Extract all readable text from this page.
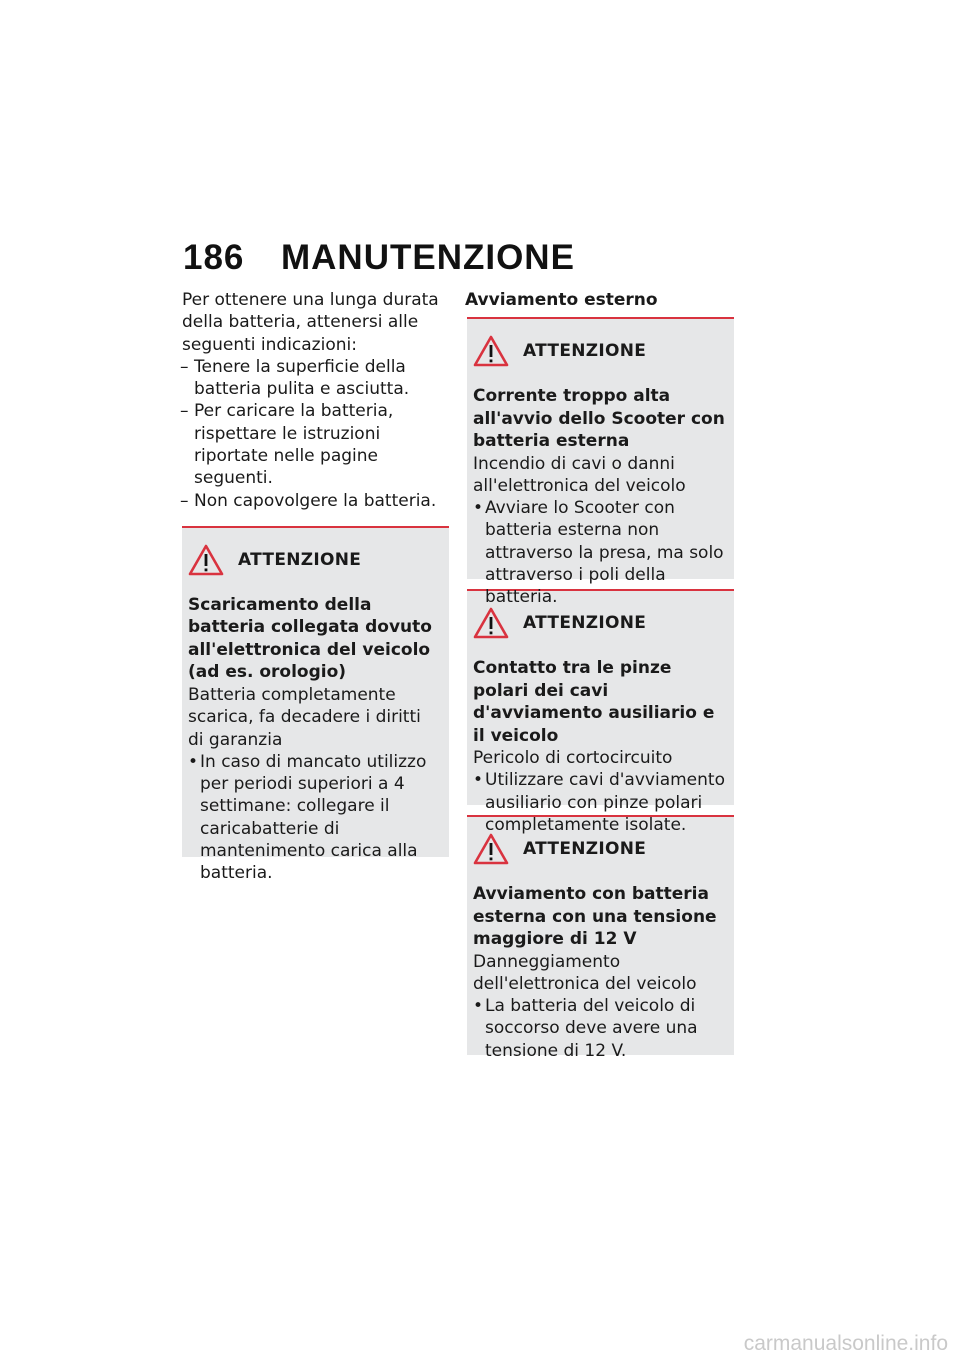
186 MANUTENZIONE

Per ottenere una lunga durata della batteria, attenersi alle seguenti indicazioni:

– Tenere la superficie della batteria pulita e asciutta.
– Per caricare la batteria, rispettare le istruzioni riportate nelle pagine seguenti.
– Non capovolgere la batteria.
ATTENZIONE

Scaricamento della batteria collegata dovuto all'elettronica del veicolo (ad es. orologio)

Batteria completamente scarica, fa decadere i diritti di garanzia

• In caso di mancato utilizzo per periodi superiori a 4 settimane: collegare il caricabatterie di mantenimento carica alla batteria.

Avviamento esterno

ATTENZIONE

Corrente troppo alta all'avvio dello Scooter con batteria esterna

Incendio di cavi o danni all'elettronica del veicolo

• Avviare lo Scooter con batteria esterna non attraverso la presa, ma solo attraverso i poli della batteria.
ATTENZIONE

Contatto tra le pinze polari dei cavi d'avviamento ausiliario e il veicolo

Pericolo di cortocircuito

• Utilizzare cavi d'avviamento ausiliario con pinze polari completamente isolate.
ATTENZIONE

Avviamento con batteria esterna con una tensione maggiore di 12 V

Danneggiamento dell'elettronica del veicolo

• La batteria del veicolo di soccorso deve avere una tensione di 12 V.
carmanualsonline.info
